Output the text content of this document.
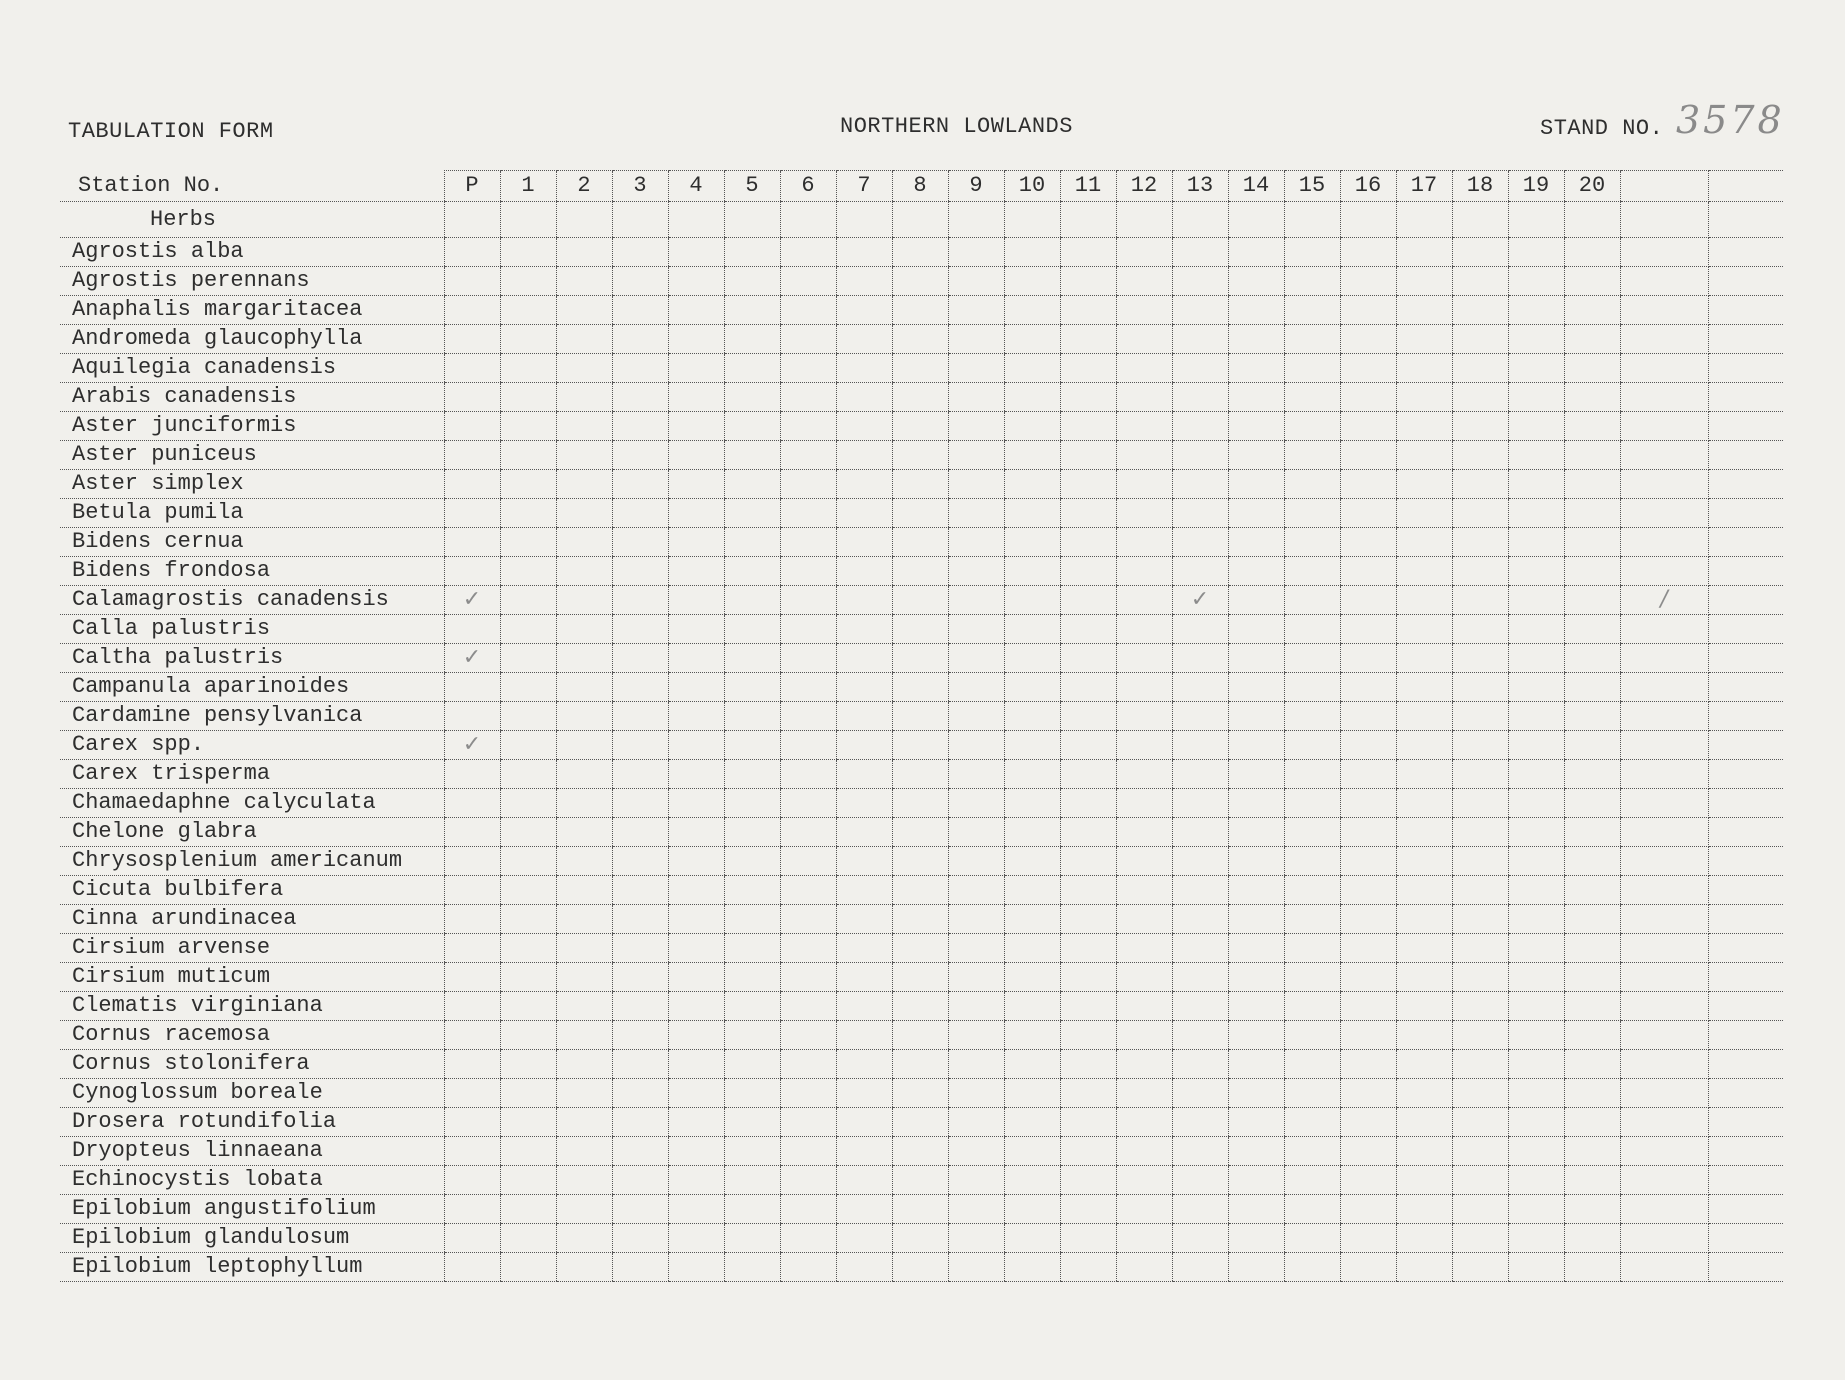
TABULATION FORM	NORTHERN LOWLANDS	STAND NO. 3578
Station No.	P	1	2	3	4	5	6	7	8	9	10	11	12	13	14	15	16	17	18	19	20		
Herbs																							
Agrostis alba																							
Agrostis perennans																							
Anaphalis margaritacea																							
Andromeda glaucophylla																							
Aquilegia canadensis																							
Arabis canadensis																							
Aster junciformis																							
Aster puniceus																							
Aster simplex																							
Betula pumila																							
Bidens cernua																							
Bidens frondosa																							
Calamagrostis canadensis	✓													✓								/	

Calla palustris																							
Caltha palustris	✓																						

Campanula aparinoides																							
Cardamine pensylvanica																							
Carex spp.	✓																						

Carex trisperma																							
Chamaedaphne calyculata																							
Chelone glabra																							
Chrysosplenium americanum																							
Cicuta bulbifera																							
Cinna arundinacea																							
Cirsium arvense																							
Cirsium muticum																							
Clematis virginiana																							
Cornus racemosa																							
Cornus stolonifera																							
Cynoglossum boreale																							
Drosera rotundifolia																							
Dryopteus linnaeana																							
Echinocystis lobata																							
Epilobium angustifolium																							
Epilobium glandulosum																							
Epilobium leptophyllum																							
